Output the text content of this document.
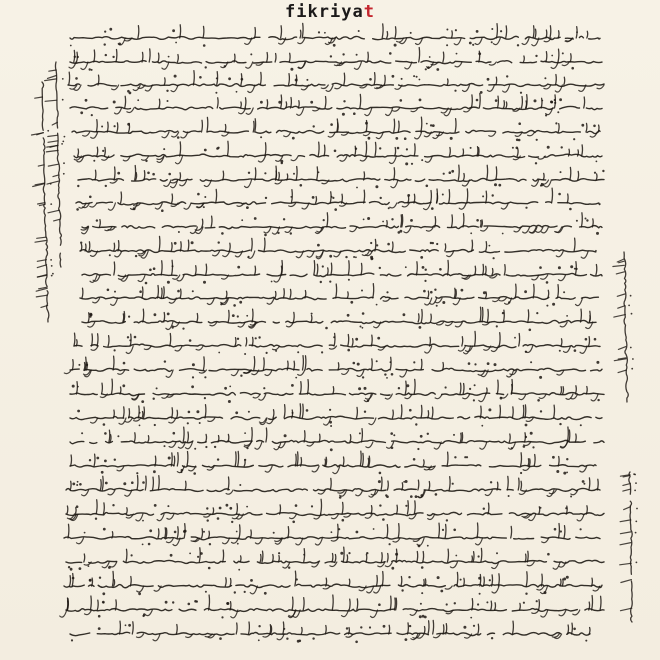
fikriyat
